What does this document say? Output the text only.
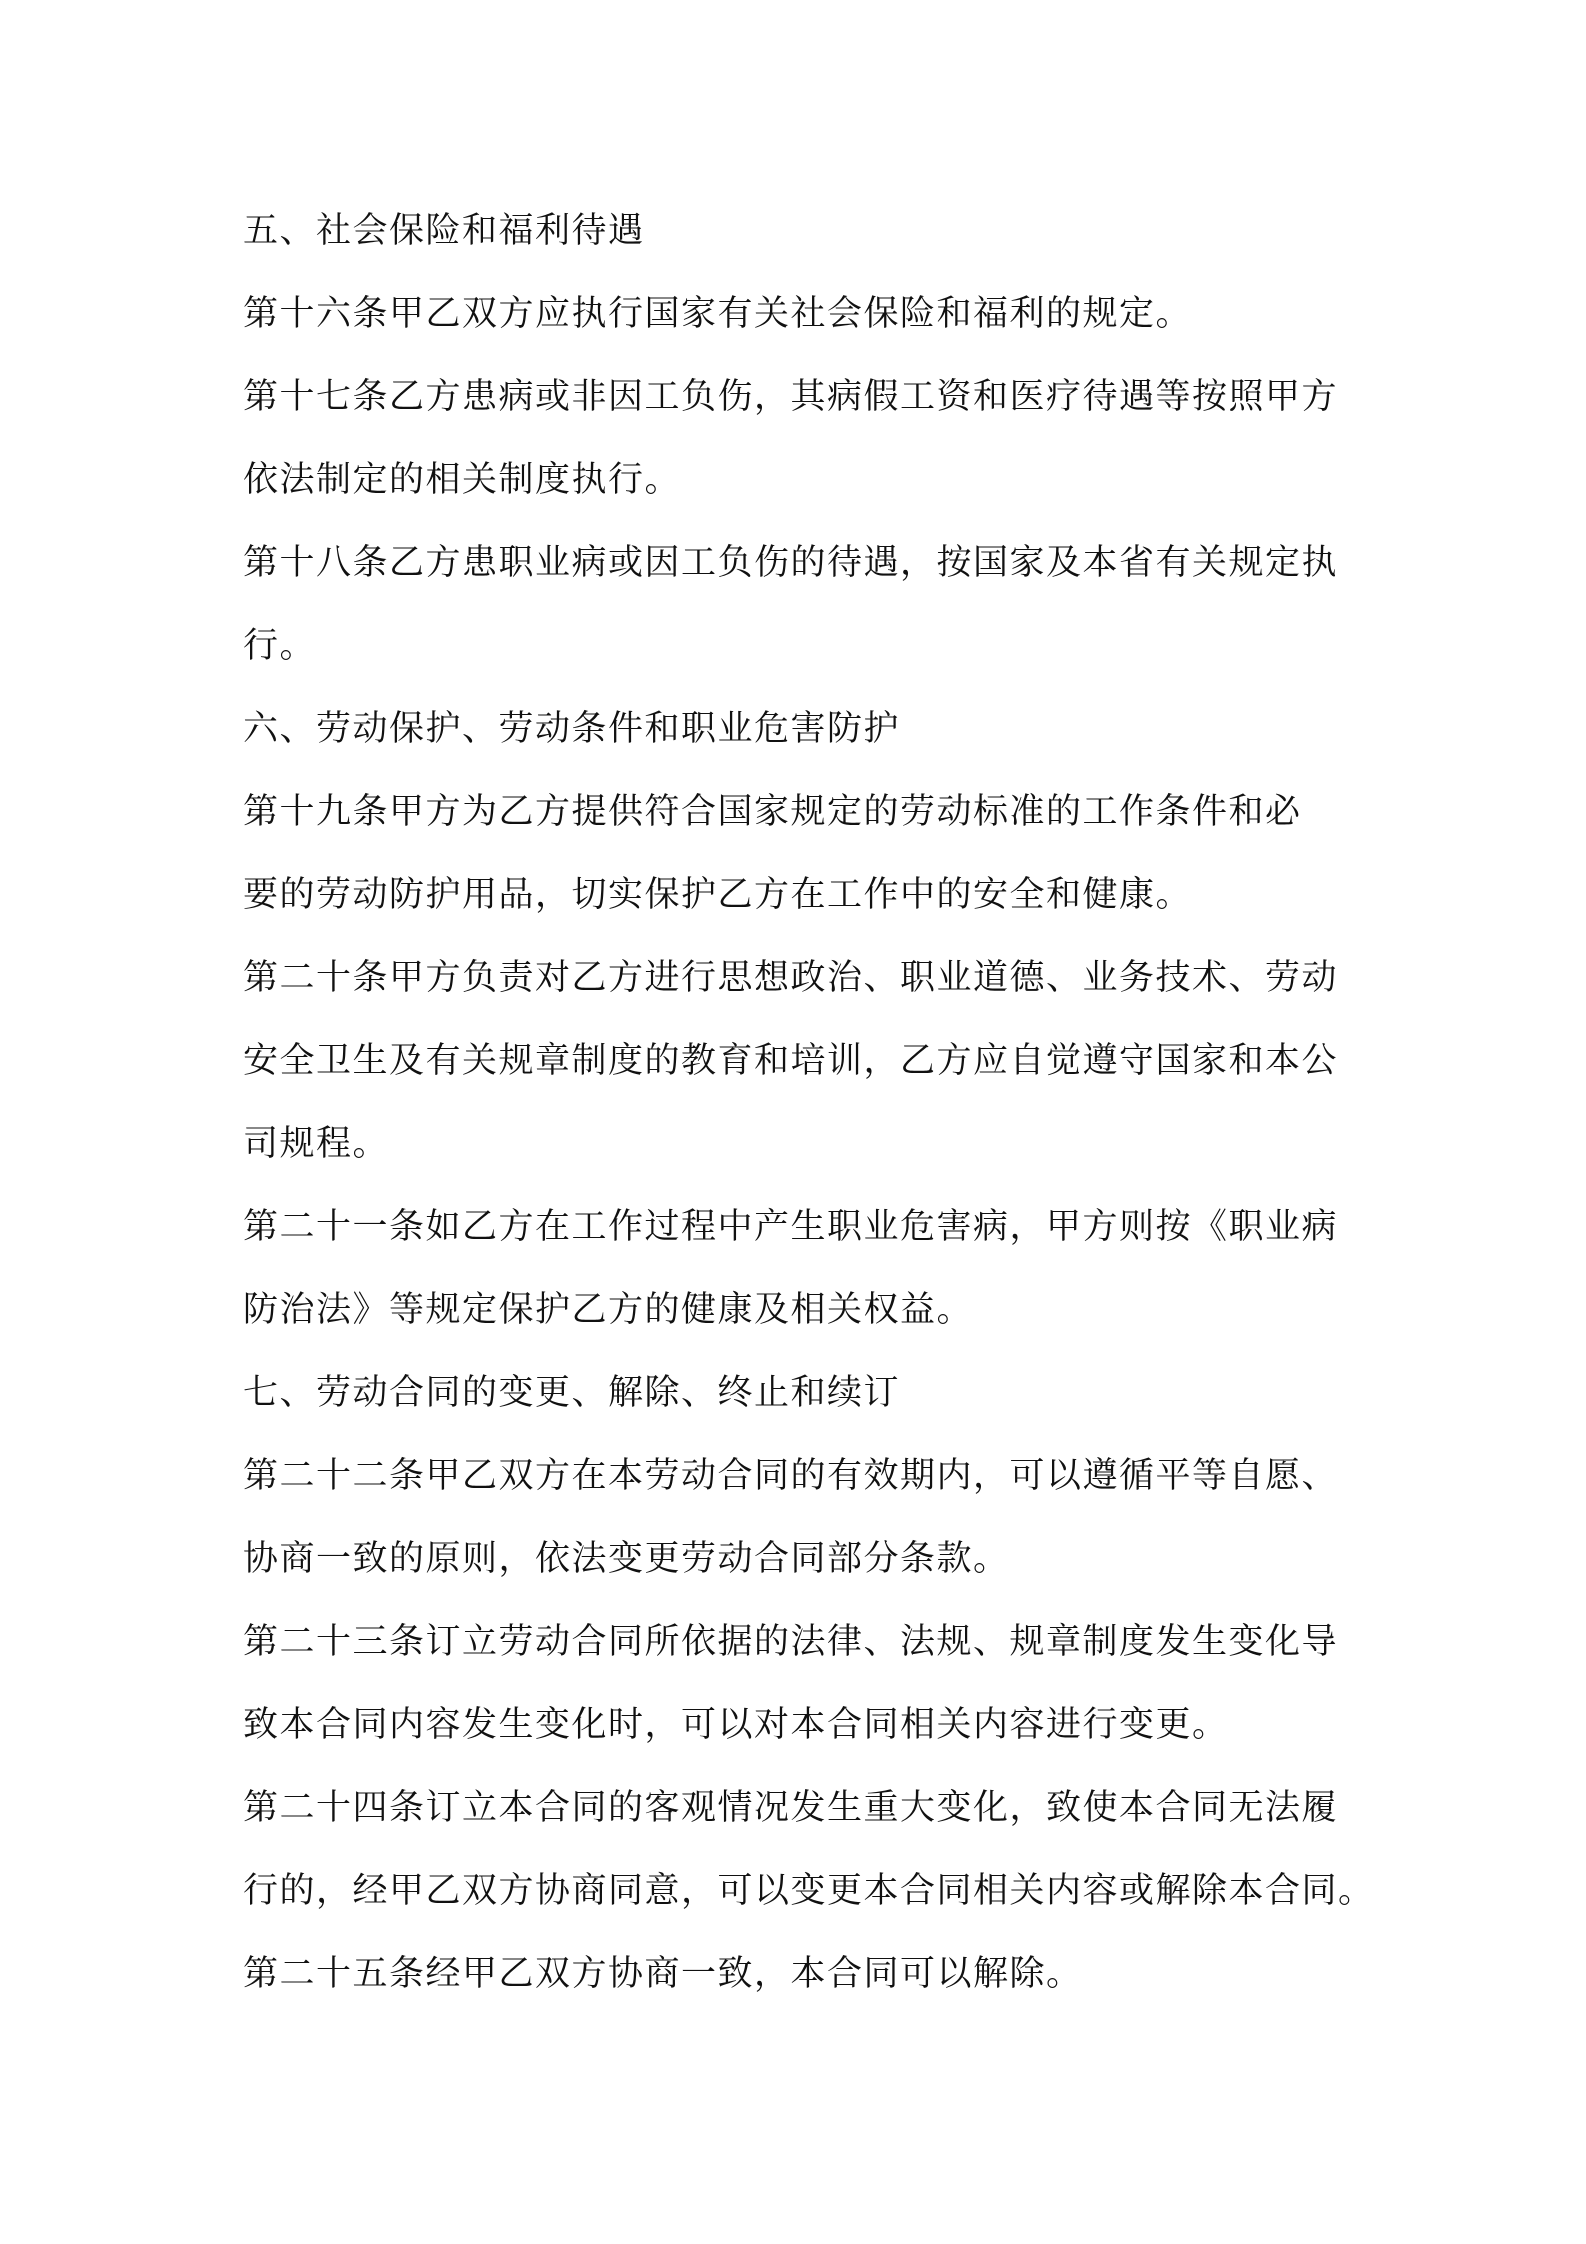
五、社会保险和福利待遇

第十六条甲乙双方应执行国家有关社会保险和福利的规定。

第十七条乙方患病或非因工负伤，其病假工资和医疗待遇等按照甲方

依法制定的相关制度执行。

第十八条乙方患职业病或因工负伤的待遇，按国家及本省有关规定执

行。

六、劳动保护、劳动条件和职业危害防护

第十九条甲方为乙方提供符合国家规定的劳动标准的工作条件和必

要的劳动防护用品，切实保护乙方在工作中的安全和健康。

第二十条甲方负责对乙方进行思想政治、职业道德、业务技术、劳动

安全卫生及有关规章制度的教育和培训，乙方应自觉遵守国家和本公

司规程。

第二十一条如乙方在工作过程中产生职业危害病，甲方则按《职业病

防治法》等规定保护乙方的健康及相关权益。

七、劳动合同的变更、解除、终止和续订

第二十二条甲乙双方在本劳动合同的有效期内，可以遵循平等自愿、

协商一致的原则，依法变更劳动合同部分条款。

第二十三条订立劳动合同所依据的法律、法规、规章制度发生变化导

致本合同内容发生变化时，可以对本合同相关内容进行变更。

第二十四条订立本合同的客观情况发生重大变化，致使本合同无法履

行的，经甲乙双方协商同意，可以变更本合同相关内容或解除本合同。

第二十五条经甲乙双方协商一致，本合同可以解除。
